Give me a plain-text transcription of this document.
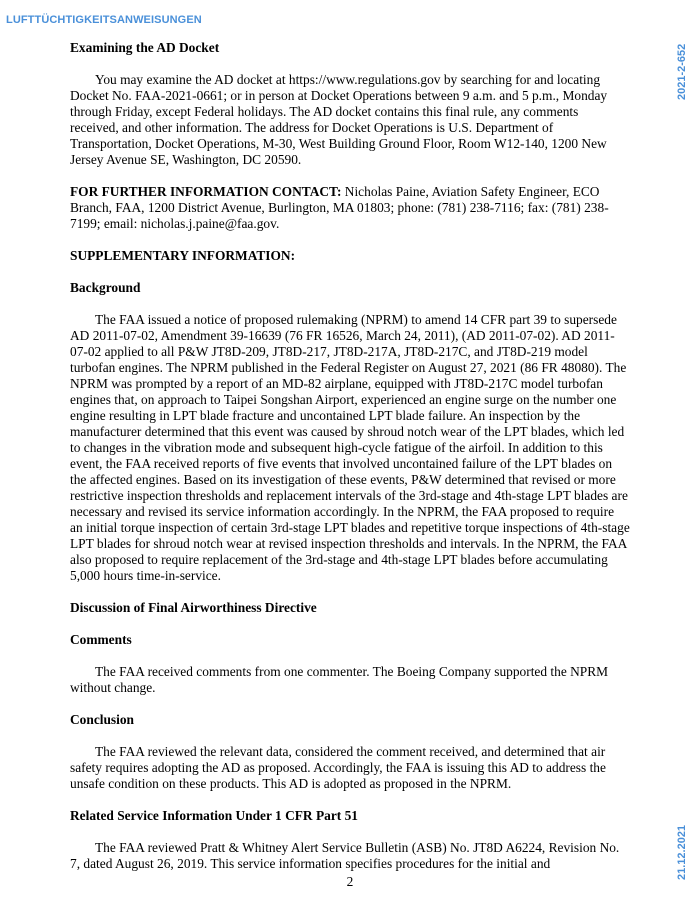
LUFTTÜCHTIGKEITSANWEISUNGEN
2021-2-652
21.12.2021

Examining the AD Docket

You may examine the AD docket at https://www.regulations.gov by searching for and locating Docket No. FAA-2021-0661; or in person at Docket Operations between 9 a.m. and 5 p.m., Monday through Friday, except Federal holidays. The AD docket contains this final rule, any comments received, and other information. The address for Docket Operations is U.S. Department of Transportation, Docket Operations, M-30, West Building Ground Floor, Room W12-140, 1200 New Jersey Avenue SE, Washington, DC 20590.

FOR FURTHER INFORMATION CONTACT: Nicholas Paine, Aviation Safety Engineer, ECO Branch, FAA, 1200 District Avenue, Burlington, MA 01803; phone: (781) 238-7116; fax: (781) 238-7199; email: nicholas.j.paine@faa.gov.

SUPPLEMENTARY INFORMATION:

Background

The FAA issued a notice of proposed rulemaking (NPRM) to amend 14 CFR part 39 to supersede AD 2011-07-02, Amendment 39-16639 (76 FR 16526, March 24, 2011), (AD 2011-07-02). AD 2011-07-02 applied to all P&W JT8D-209, JT8D-217, JT8D-217A, JT8D-217C, and JT8D-219 model turbofan engines. The NPRM published in the Federal Register on August 27, 2021 (86 FR 48080). The NPRM was prompted by a report of an MD-82 airplane, equipped with JT8D-217C model turbofan engines that, on approach to Taipei Songshan Airport, experienced an engine surge on the number one engine resulting in LPT blade fracture and uncontained LPT blade failure. An inspection by the manufacturer determined that this event was caused by shroud notch wear of the LPT blades, which led to changes in the vibration mode and subsequent high-cycle fatigue of the airfoil. In addition to this event, the FAA received reports of five events that involved uncontained failure of the LPT blades on the affected engines. Based on its investigation of these events, P&W determined that revised or more restrictive inspection thresholds and replacement intervals of the 3rd-stage and 4th-stage LPT blades are necessary and revised its service information accordingly. In the NPRM, the FAA proposed to require an initial torque inspection of certain 3rd-stage LPT blades and repetitive torque inspections of 4th-stage LPT blades for shroud notch wear at revised inspection thresholds and intervals. In the NPRM, the FAA also proposed to require replacement of the 3rd-stage and 4th-stage LPT blades before accumulating 5,000 hours time-in-service.

Discussion of Final Airworthiness Directive

Comments

The FAA received comments from one commenter. The Boeing Company supported the NPRM without change.

Conclusion

The FAA reviewed the relevant data, considered the comment received, and determined that air safety requires adopting the AD as proposed. Accordingly, the FAA is issuing this AD to address the unsafe condition on these products. This AD is adopted as proposed in the NPRM.

Related Service Information Under 1 CFR Part 51

The FAA reviewed Pratt & Whitney Alert Service Bulletin (ASB) No. JT8D A6224, Revision No. 7, dated August 26, 2019. This service information specifies procedures for the initial and

2
